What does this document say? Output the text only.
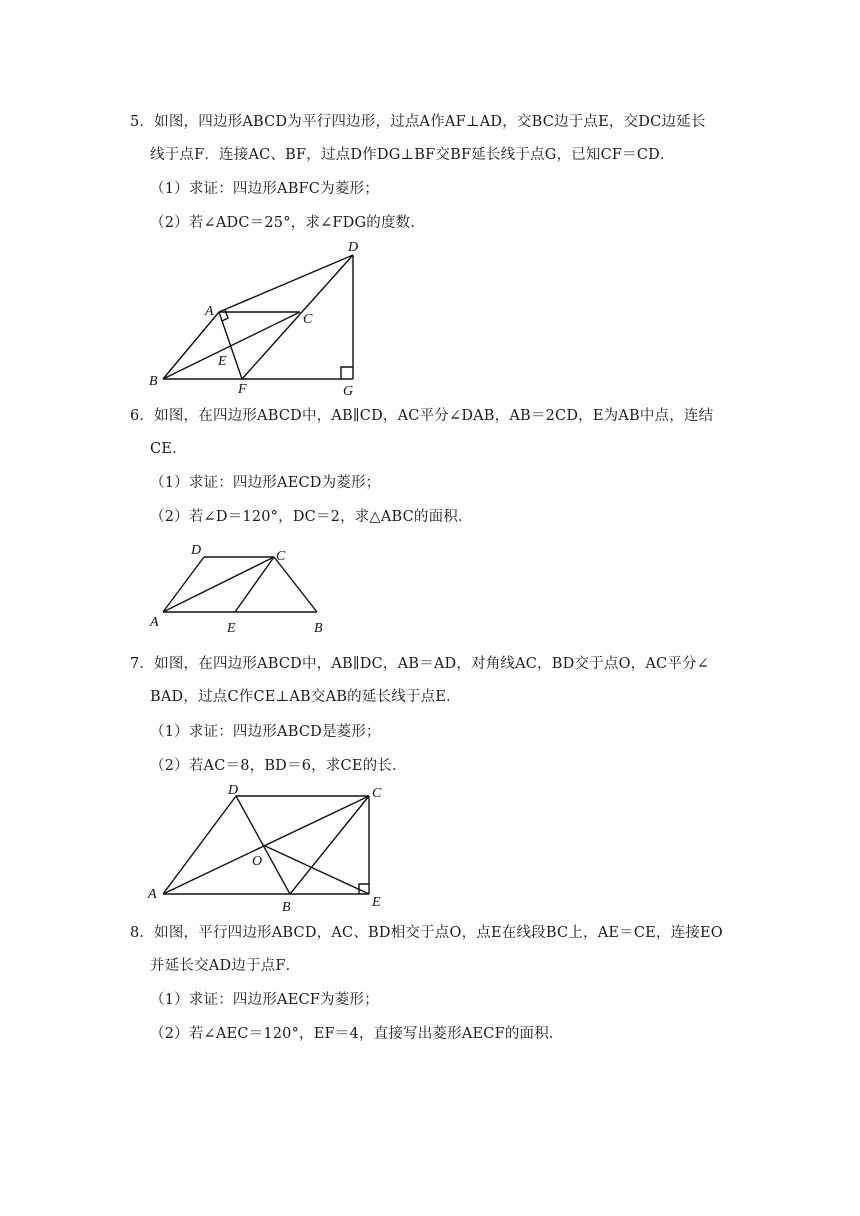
5．如图，四边形ABCD为平行四边形，过点A作AF⊥AD，交BC边于点E，交DC边延长
线于点F．连接AC、BF，过点D作DG⊥BF交BF延长线于点G，已知CF＝CD．
（1）求证：四边形ABFC为菱形；
（2）若∠ADC＝25°，求∠FDG的度数．
D
A
C
E
B
F	G
6．如图，在四边形ABCD中，AB∥CD，AC平分∠DAB，AB＝2CD，E为AB中点，连结
CE．
（1）求证：四边形AECD为菱形；
（2）若∠D＝120°，DC＝2，求△ABC的面积．
D	C
A	E	B
7．如图，在四边形ABCD中，AB∥DC，AB＝AD，对角线AC，BD交于点O，AC平分∠
BAD，过点C作CE⊥AB交AB的延长线于点E．
（1）求证：四边形ABCD是菱形；
（2）若AC＝8，BD＝6，求CE的长．
D	C
O
A
B	E
8．如图，平行四边形ABCD，AC、BD相交于点O，点E在线段BC上，AE＝CE，连接EO
并延长交AD边于点F．
（1）求证：四边形AECF为菱形；
（2）若∠AEC＝120°，EF＝4，直接写出菱形AECF的面积．
